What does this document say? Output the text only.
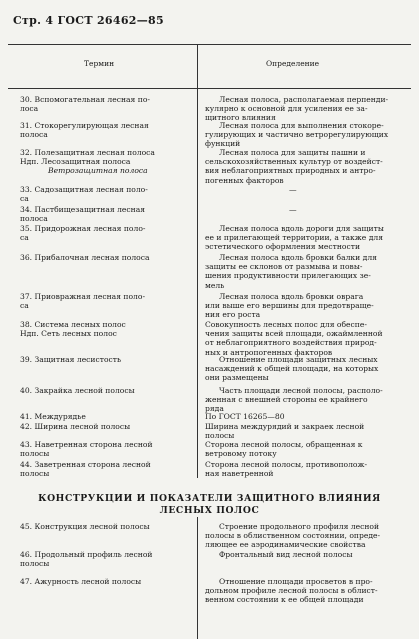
Стр. 4 ГОСТ 26462—85
Термин	Определение
30. Вспомогательная лесная по-
лоса
31. Стокорегулирующая лесная
полоса
32. Полезащитная лесная полоса
Ндп. Лесозащитная полоса
Ветрозащитная полоса
33. Садозащитная лесная поло-
са
34. Пастбищезащитная лесная
полоса
35. Придорожная лесная поло-
са
36. Прибалочная лесная полоса
37. Приовражная лесная поло-
са
38. Система лесных полос
Ндп. Сеть лесных полос
39. Защитная лесистость
40. Закрайка лесной полосы
41. Междурядье
42. Ширина лесной полосы
43. Наветренная сторона лесной
полосы
44. Заветренная сторона лесной
полосы
Лесная полоса, располагаемая перпенди-
кулярно к основной для усиления ее за-
щитного влияния
Лесная полоса для выполнения стокоре-
гулирующих и частично ветрорегулирующих
функций
Лесная полоса для защиты пашни и
сельскохозяйственных культур от воздейст-
вия неблагоприятных природных и антро-
погенных факторов
—
—
Лесная полоса вдоль дороги для защиты
ее и прилегающей территории, а также для
эстетического оформления местности
Лесная полоса вдоль бровки балки для
защиты ее склонов от размыва и повы-
шения продуктивности прилегающих зе-
мель
Лесная полоса вдоль бровки оврага
или выше его вершины для предотвраще-
ния его роста
Совокупность лесных полос для обеспе-
чения защиты всей площади, ожаймленной
от неблагоприятного воздействия природ-
ных и антропогенных факторов
Отношение площади защитных лесных
насаждений к общей площади, на которых
они размещены
Часть площади лесной полосы, располо-
женная с внешней стороны ее крайнего
ряда
По ГОСТ 16265—80
Ширина междурядий и закраек лесной
полосы
Сторона лесной полосы, обращенная к
ветровому потоку
Сторона лесной полосы, противополож-
ная наветренной
КОНСТРУКЦИИ И ПОКАЗАТЕЛИ ЗАЩИТНОГО ВЛИЯНИЯ
ЛЕСНЫХ ПОЛОС
45. Конструкция лесной полосы
46. Продольный профиль лесной
полосы
47. Ажурность лесной полосы
Строение продольного профиля лесной
полосы в облиственном состоянии, опреде-
ляющее ее аэродинамические свойства
Фронтальный вид лесной полосы
Отношение площади просветов в про-
дольном профиле лесной полосы в облист-
венном состоянии к ее общей площади
